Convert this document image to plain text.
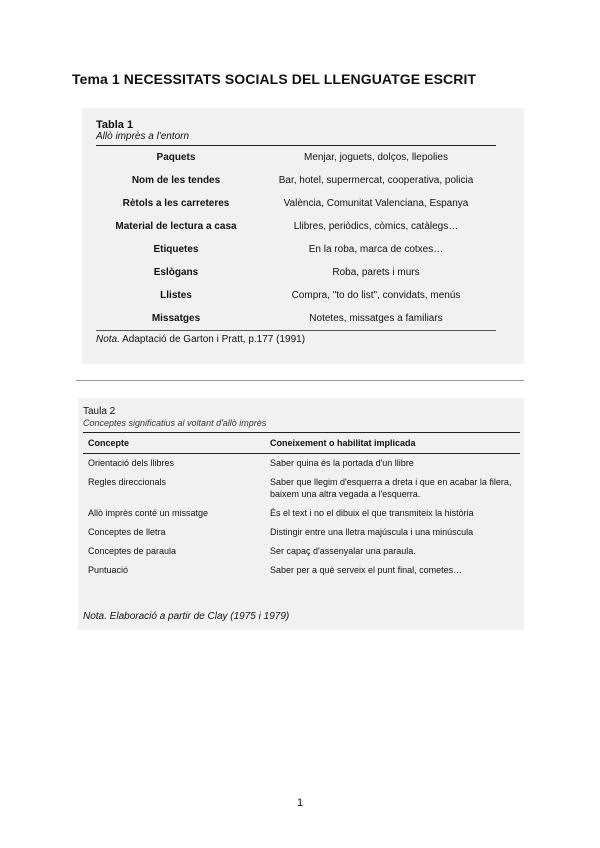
Tema 1 NECESSITATS SOCIALS DEL LLENGUATGE ESCRIT
Tabla 1
Allò imprès a l'entorn
Paquets	Menjar, joguets, dolços, llepolies
Nom de les tendes	Bar, hotel, supermercat, cooperativa, policia
Rètols a les carreteres	València, Comunitat Valenciana, Espanya
Material de lectura a casa	Llibres, periòdics, còmics, catàlegs…
Etiquetes	En la roba, marca de cotxes…
Eslògans	Roba, parets i murs
Llistes	Compra, "to do list", convidats, menús
Missatges	Notetes, missatges a familiars
Nota. Adaptació de Garton i Pratt, p.177 (1991)
Taula 2
Conceptes significatius al voltant d'allò imprès
Concepte	Coneixement o habilitat implicada
Orientació dels llibres	Saber quina és la portada d'un llibre
Regles direccionals	Saber que llegim d'esquerra a dreta i que en acabar la filera, baixem una altra vegada a l'esquerra.
Allò imprès conté un missatge	És el text i no el dibuix el que transmiteix la història
Conceptes de lletra	Distingir entre una lletra majúscula i una minúscula
Conceptes de paraula	Ser capaç d'assenyalar una paraula.
Puntuació	Saber per a què serveix el punt final, cometes…
Nota. Elaboració a partir de Clay (1975 i 1979)
1
